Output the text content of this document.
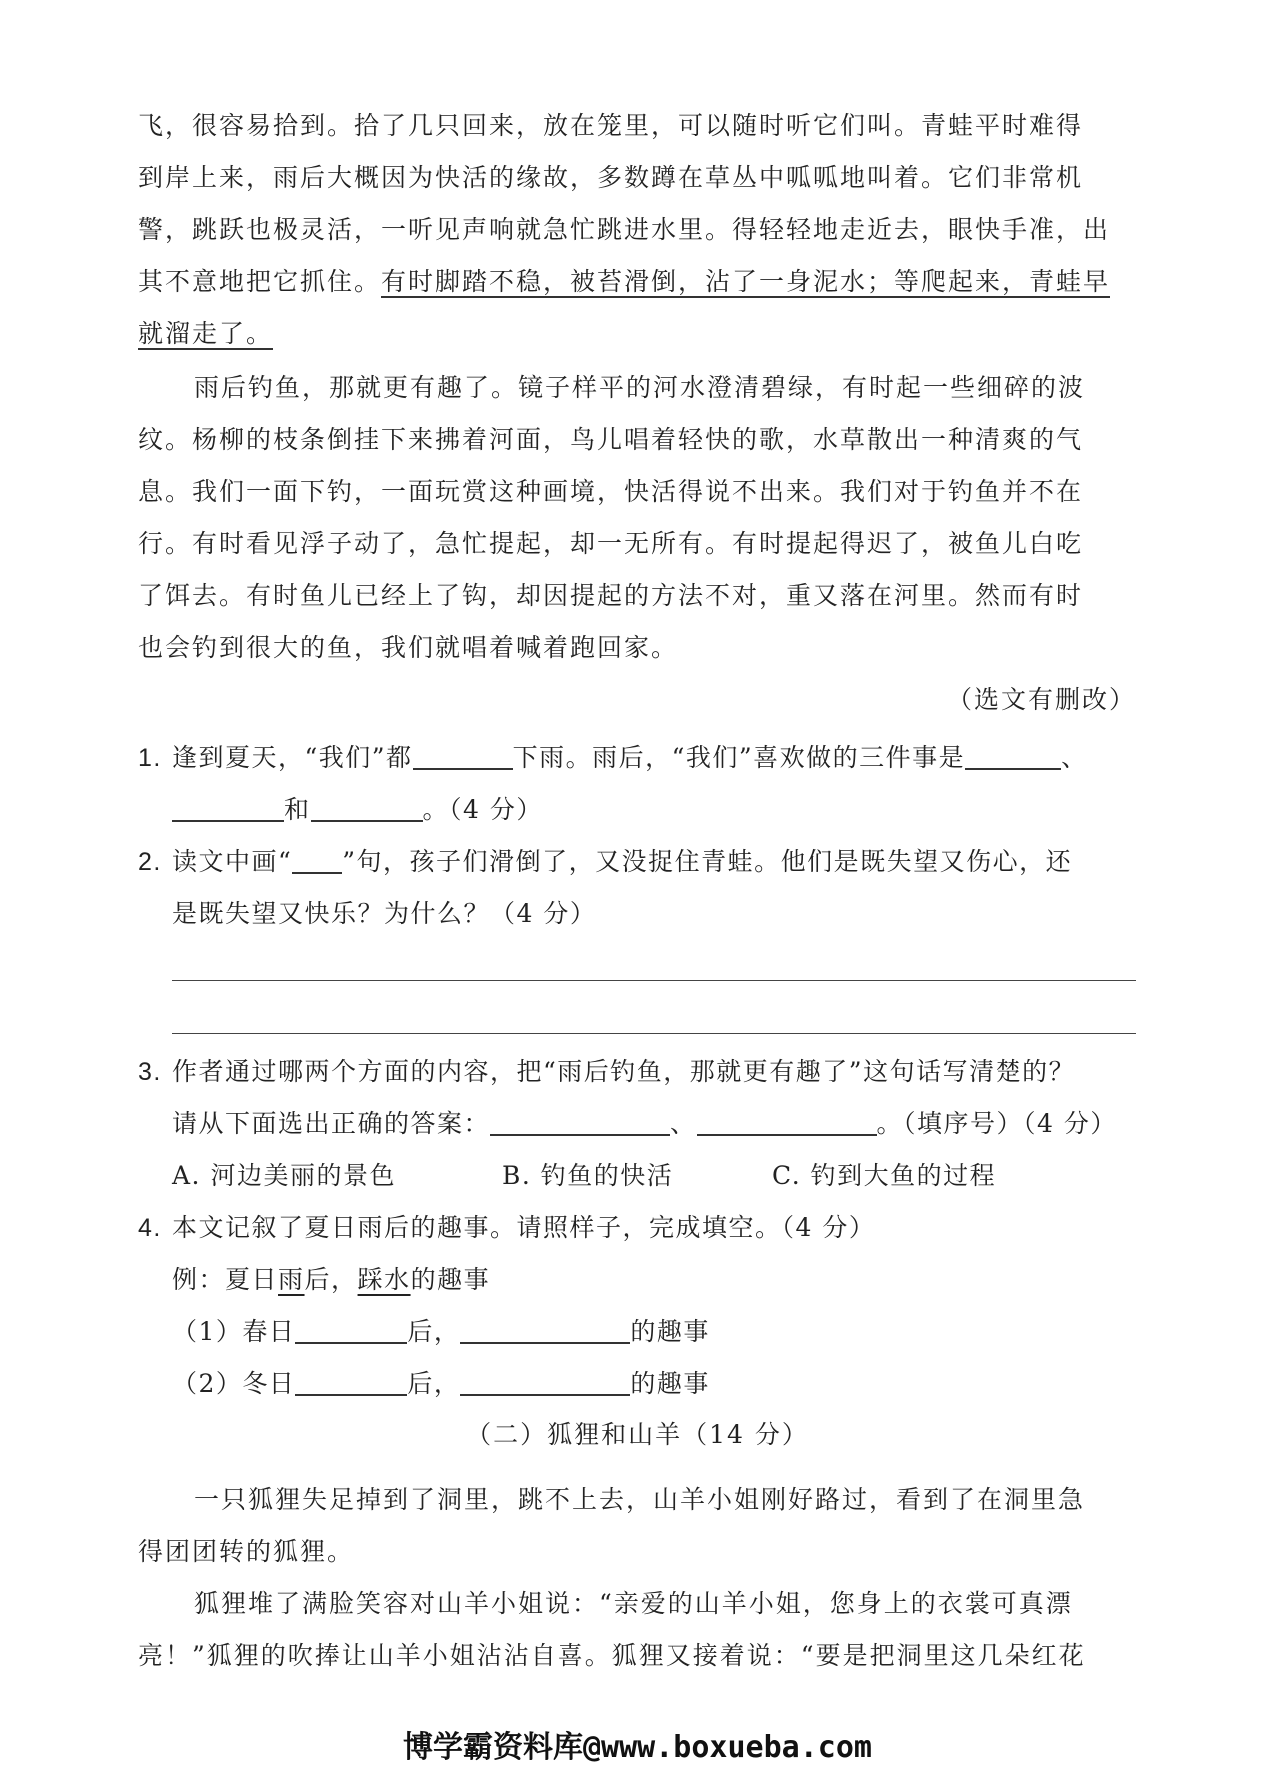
飞，很容易拾到。拾了几只回来，放在笼里，可以随时听它们叫。青蛙平时难得
到岸上来，雨后大概因为快活的缘故，多数蹲在草丛中呱呱地叫着。它们非常机
警，跳跃也极灵活，一听见声响就急忙跳进水里。得轻轻地走近去，眼快手准，出
其不意地把它抓住。有时脚踏不稳，被苔滑倒，沾了一身泥水；等爬起来，青蛙早
就溜走了。
雨后钓鱼，那就更有趣了。镜子样平的河水澄清碧绿，有时起一些细碎的波
纹。杨柳的枝条倒挂下来拂着河面，鸟儿唱着轻快的歌，水草散出一种清爽的气
息。我们一面下钓，一面玩赏这种画境，快活得说不出来。我们对于钓鱼并不在
行。有时看见浮子动了，急忙提起，却一无所有。有时提起得迟了，被鱼儿白吃
了饵去。有时鱼儿已经上了钩，却因提起的方法不对，重又落在河里。然而有时
也会钓到很大的鱼，我们就唱着喊着跑回家。
（选文有删改）
1. 逢到夏天，“我们”都	下雨。雨后，“我们”喜欢做的三件事是	、
和	。（4 分）
2. 读文中画“ ”句，孩子们滑倒了，又没捉住青蛙。他们是既失望又伤心，还
是既失望又快乐？为什么？（4 分）
3. 作者通过哪两个方面的内容，把“雨后钓鱼，那就更有趣了”这句话写清楚的？
请从下面选出正确的答案：	、	。（填序号）（4 分）
A. 河边美丽的景色	B. 钓鱼的快活	C. 钓到大鱼的过程
4. 本文记叙了夏日雨后的趣事。请照样子，完成填空。（4 分）
例：夏日雨后，踩水的趣事
（1）春日	后，	的趣事
（2）冬日	后，	的趣事
（二）狐狸和山羊（14 分）
一只狐狸失足掉到了洞里，跳不上去，山羊小姐刚好路过，看到了在洞里急
得团团转的狐狸。
狐狸堆了满脸笑容对山羊小姐说：“亲爱的山羊小姐，您身上的衣裳可真漂
亮！”狐狸的吹捧让山羊小姐沾沾自喜。狐狸又接着说：“要是把洞里这几朵红花
博学霸资料库@www.boxueba.com
